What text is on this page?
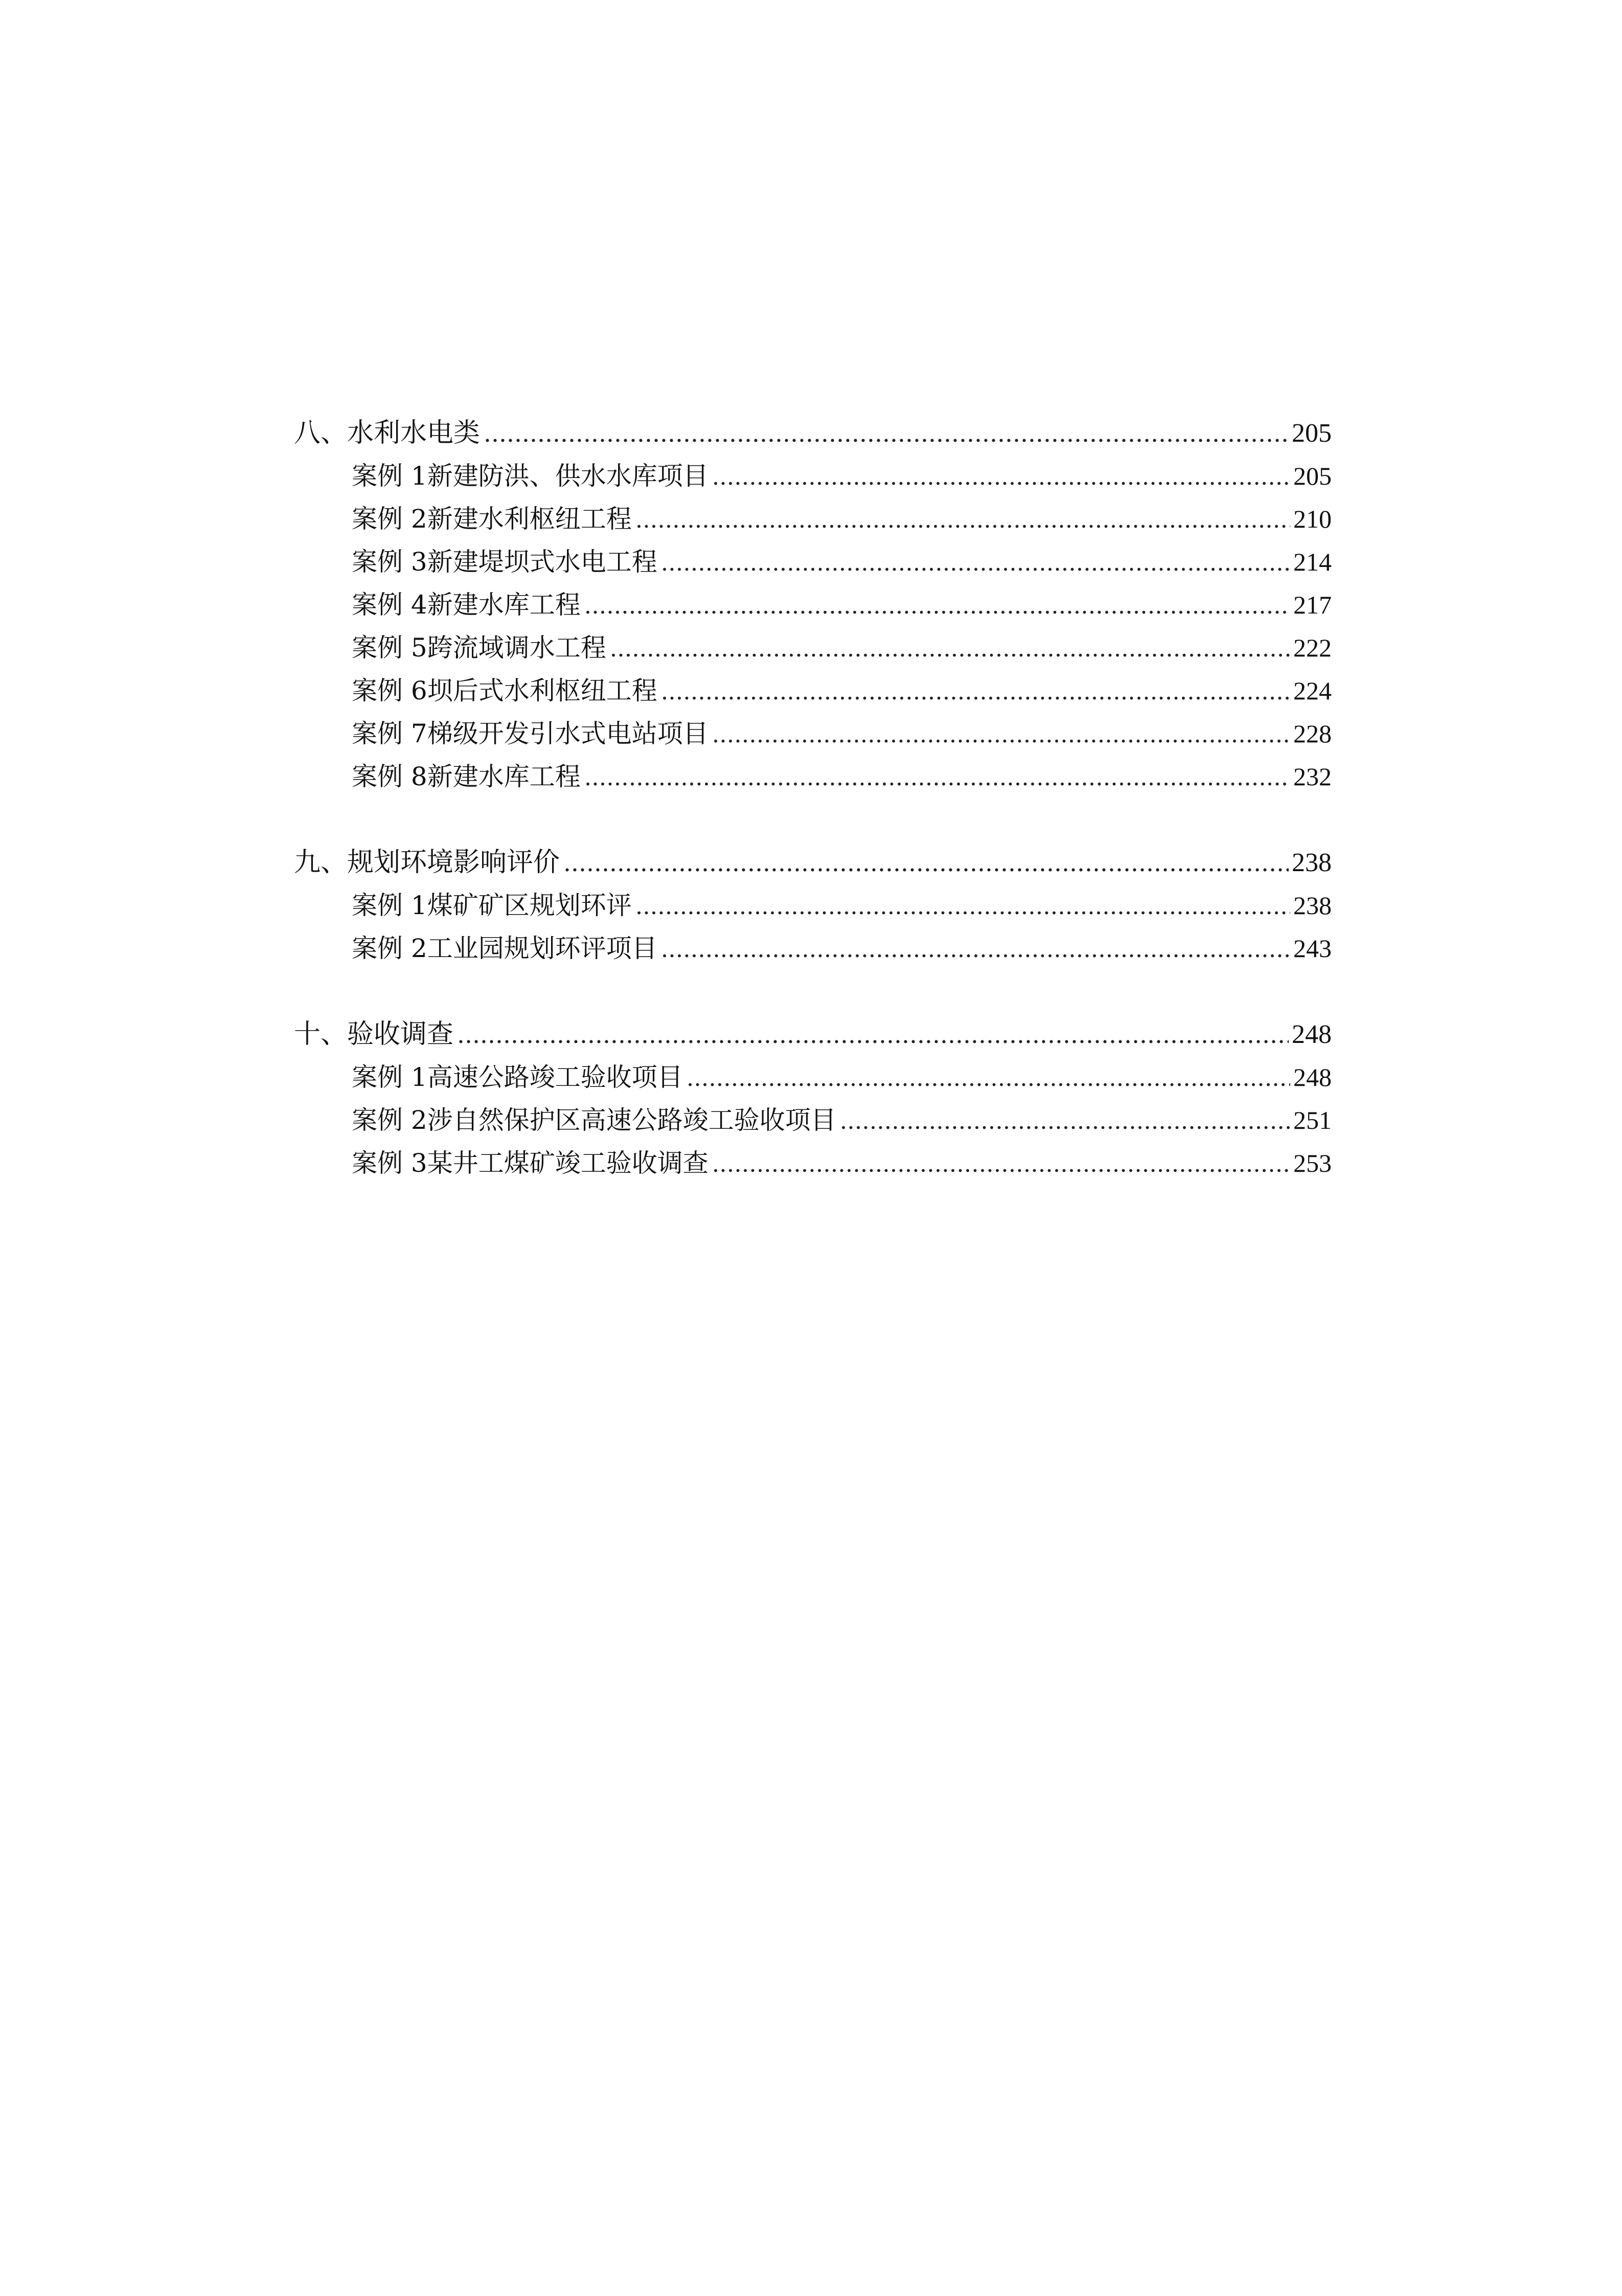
八、水利水电类 .....	205
案例 1 新建防洪、供水水库项目 .....	205
案例 2 新建水利枢纽工程 .....	210
案例 3 新建堤坝式水电工程 .....	214
案例 4 新建水库工程 .....	217
案例 5 跨流域调水工程 .....	222
案例 6 坝后式水利枢纽工程 .....	224
案例 7 梯级开发引水式电站项目 .....	228
案例 8 新建水库工程 .....	232
九、规划环境影响评价 .....	238
案例 1 煤矿矿区规划环评 .....	238
案例 2 工业园规划环评项目 .....	243
十、验收调查 .....	248
案例 1 高速公路竣工验收项目 .....	248
案例 2 涉自然保护区高速公路竣工验收项目 .....	251
案例 3 某井工煤矿竣工验收调查 .....	253
